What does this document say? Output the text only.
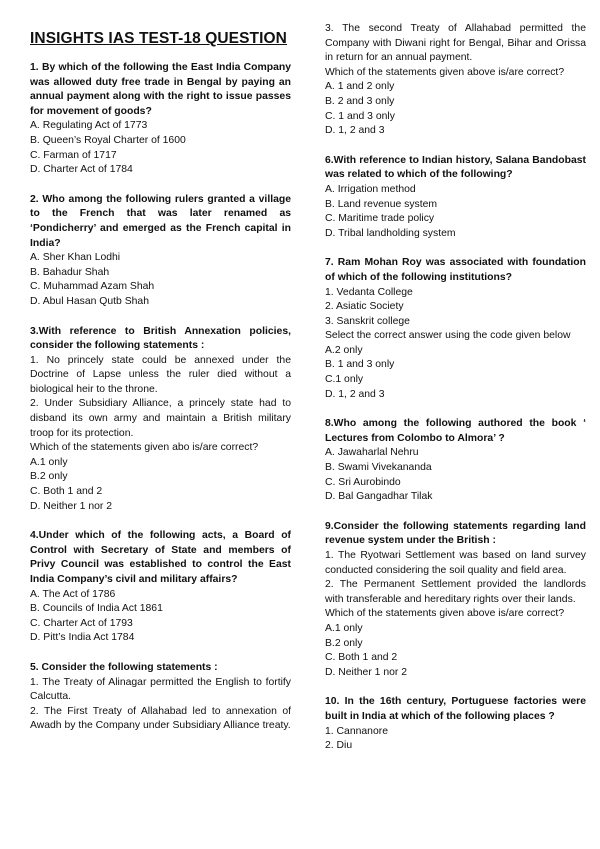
INSIGHTS IAS TEST-18 QUESTION
1. By which of the following the East India Company was allowed duty free trade in Bengal by paying an annual payment along with the right to issue passes for movement of goods?
A. Regulating Act of 1773
B. Queen’s Royal Charter of 1600
C. Farman of 1717
D. Charter Act of 1784
2. Who among the following rulers granted a village to the French that was later renamed as ‘Pondicherry’ and emerged as the French capital in India?
A. Sher Khan Lodhi
B. Bahadur Shah
C. Muhammad Azam Shah
D. Abul Hasan Qutb Shah
3.With reference to British Annexation policies, consider the following statements :
1. No princely state could be annexed under the Doctrine of Lapse unless the ruler died without a biological heir to the throne.
2. Under Subsidiary Alliance, a princely state had to disband its own army and maintain a British military troop for its protection.
Which of the statements given abo is/are correct?
A.1 only
B.2 only
C. Both 1 and 2
D. Neither 1 nor 2
4.Under which of the following acts, a Board of Control with Secretary of State and members of Privy Council was established to control the East India Company’s civil and military affairs?
A. The Act of 1786
B. Councils of India Act 1861
C. Charter Act of 1793
D. Pitt’s India Act 1784
5. Consider the following statements :
1. The Treaty of Alinagar permitted the English to fortify Calcutta.
2. The First Treaty of Allahabad led to annexation of Awadh by the Company under Subsidiary Alliance treaty.
3. The second Treaty of Allahabad permitted the Company with Diwani right for Bengal, Bihar and Orissa in return for an annual payment.
Which of the statements given above is/are correct?
A. 1 and 2 only
B. 2 and 3 only
C. 1 and 3 only
D. 1, 2 and 3
6.With reference to Indian history, Salana Bandobast was related to which of the following?
A. Irrigation method
B. Land revenue system
C. Maritime trade policy
D. Tribal landholding system
7. Ram Mohan Roy was associated with foundation of which of the following institutions?
1. Vedanta College
2. Asiatic Society
3. Sanskrit college
Select the correct answer using the code given below
A.2 only
B. 1 and 3 only
C.1 only
D. 1, 2 and 3
8.Who among the following authored the book ‘ Lectures from Colombo to Almora’ ?
A. Jawaharlal Nehru
B. Swami Vivekananda
C. Sri Aurobindo
D. Bal Gangadhar Tilak
9.Consider the following statements regarding land revenue system under the British :
1. The Ryotwari Settlement was based on land survey conducted considering the soil quality and field area.
2. The Permanent Settlement provided the landlords with transferable and hereditary rights over their lands.
Which of the statements given above is/are correct?
A.1 only
B.2 only
C. Both 1 and 2
D. Neither 1 nor 2
10. In the 16th century, Portuguese factories were built in India at which of the following places ?
1. Cannanore
2. Diu
